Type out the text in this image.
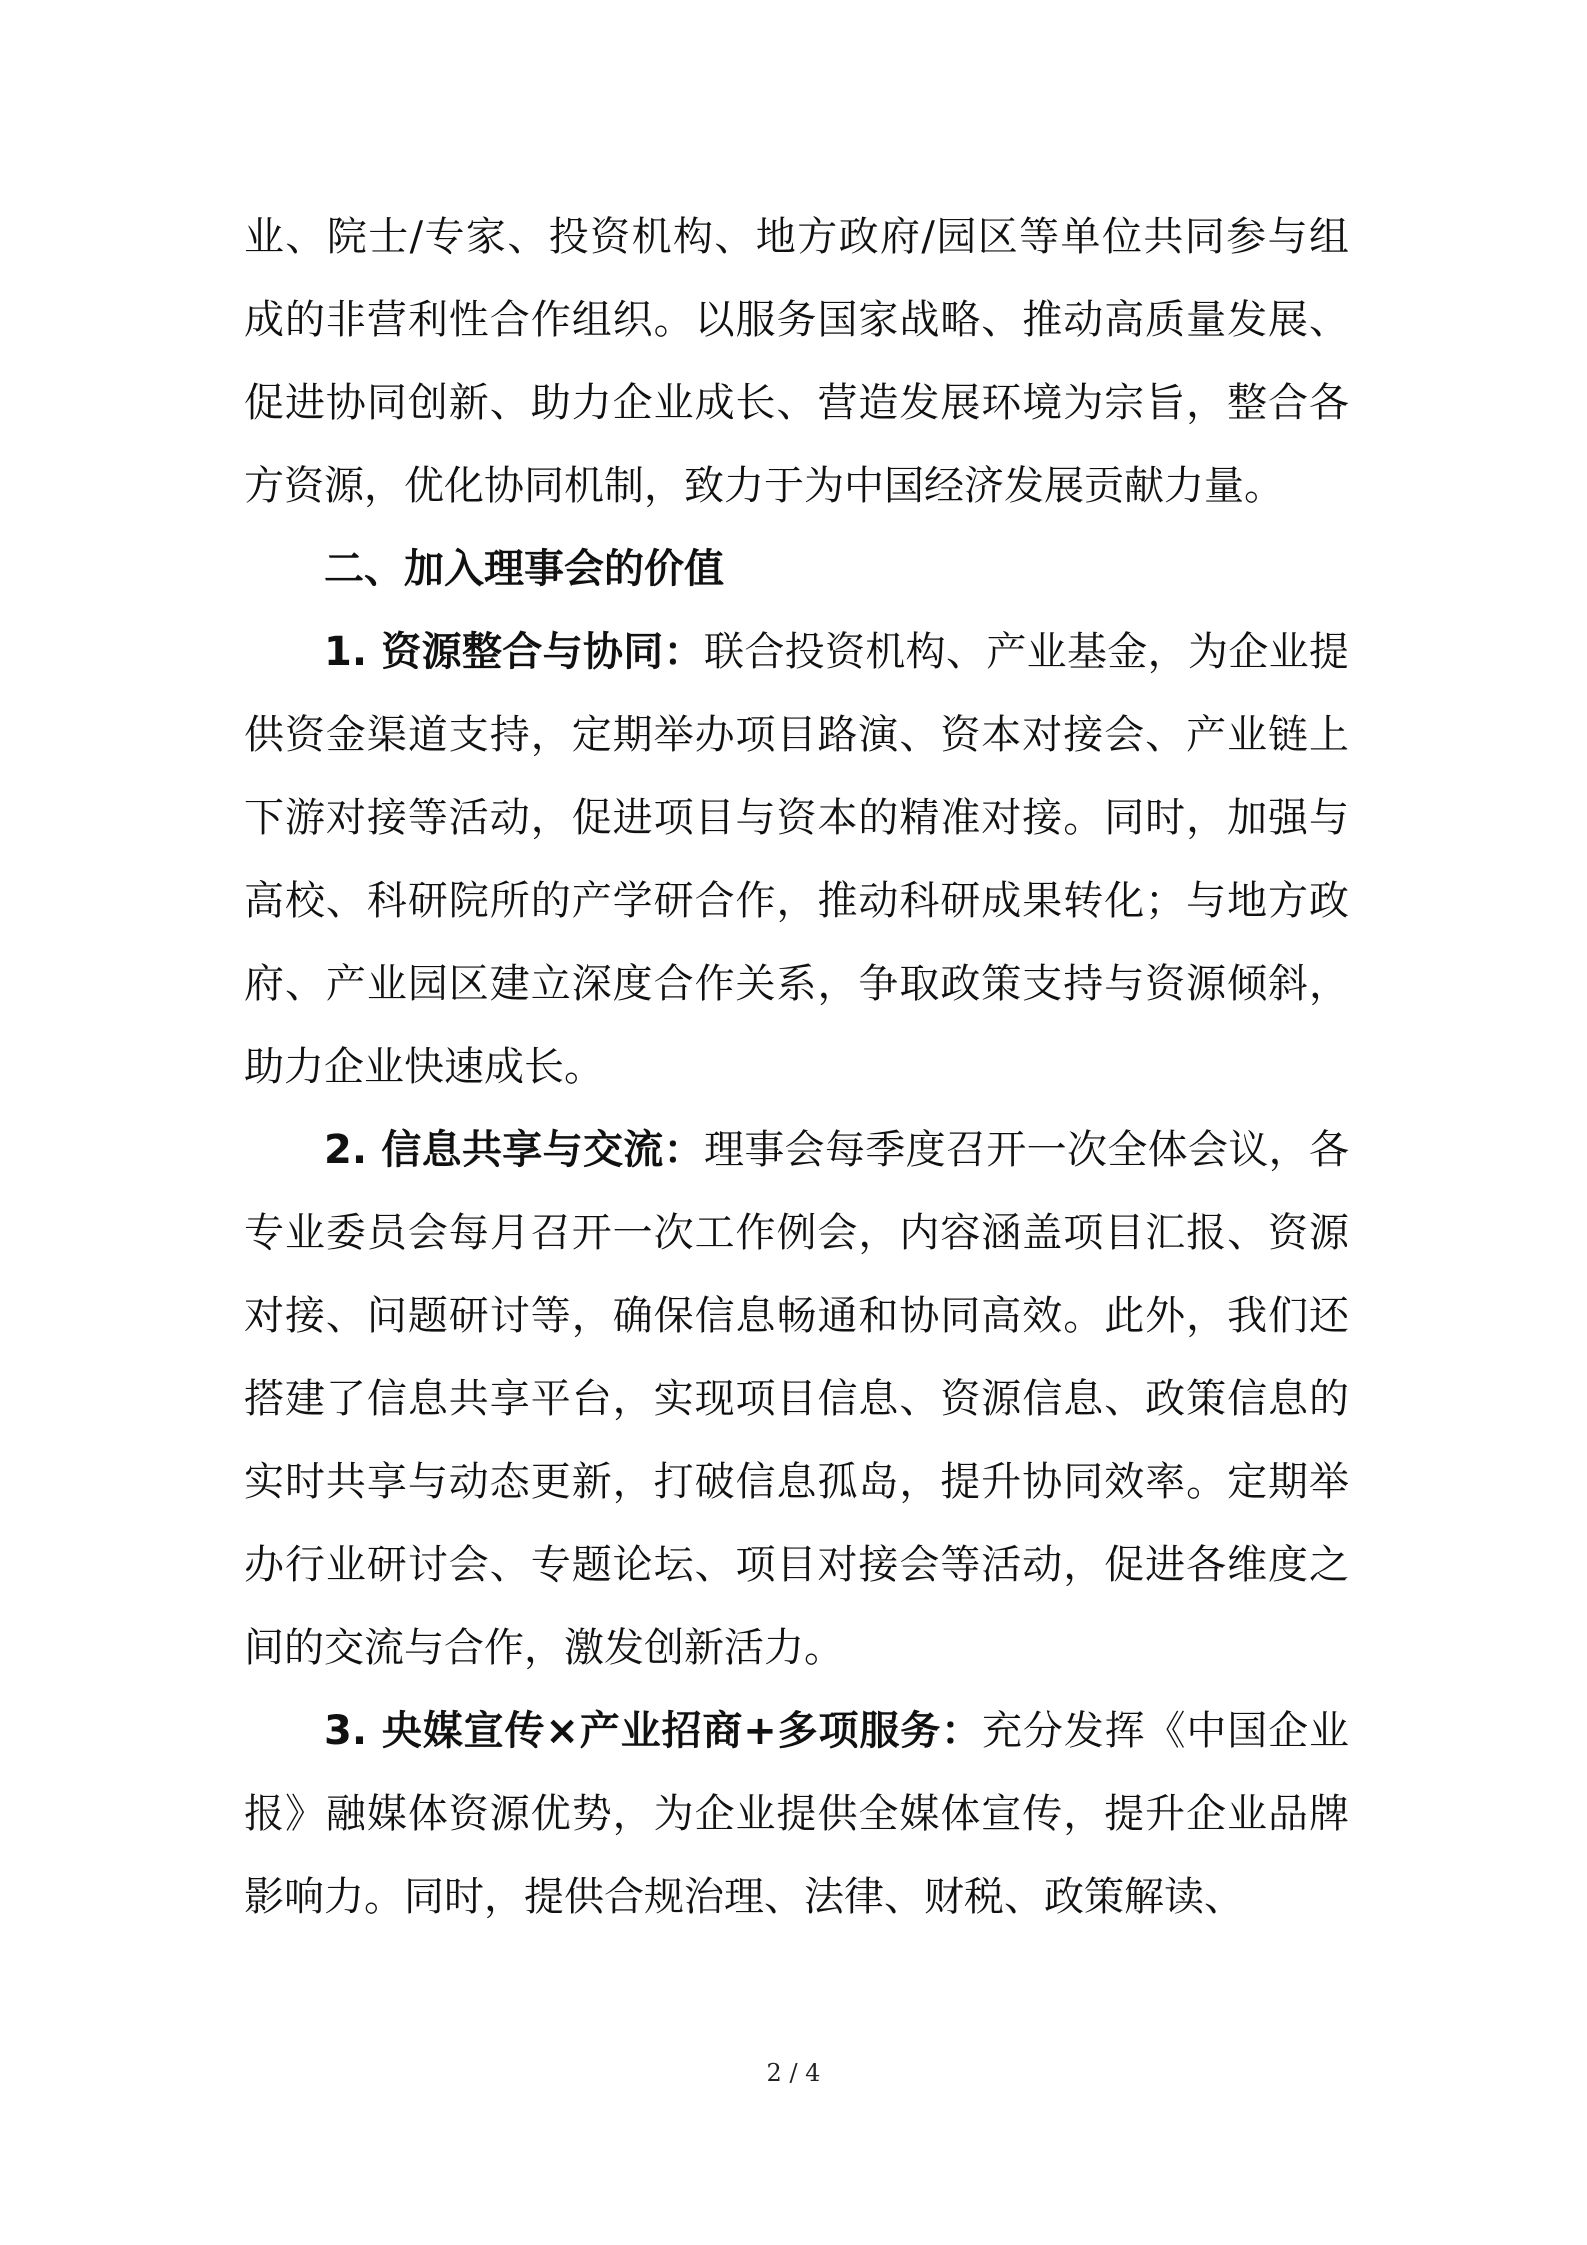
业、院士/专家、投资机构、地方政府/园区等单位共同参与组成的非营利性合作组织。以服务国家战略、推动高质量发展、促进协同创新、助力企业成长、营造发展环境为宗旨，整合各方资源，优化协同机制，致力于为中国经济发展贡献力量。

二、加入理事会的价值

1. 资源整合与协同：联合投资机构、产业基金，为企业提供资金渠道支持，定期举办项目路演、资本对接会、产业链上下游对接等活动，促进项目与资本的精准对接。同时，加强与高校、科研院所的产学研合作，推动科研成果转化；与地方政府、产业园区建立深度合作关系，争取政策支持与资源倾斜，助力企业快速成长。

2. 信息共享与交流：理事会每季度召开一次全体会议，各专业委员会每月召开一次工作例会，内容涵盖项目汇报、资源对接、问题研讨等，确保信息畅通和协同高效。此外，我们还搭建了信息共享平台，实现项目信息、资源信息、政策信息的实时共享与动态更新，打破信息孤岛，提升协同效率。定期举办行业研讨会、专题论坛、项目对接会等活动，促进各维度之间的交流与合作，激发创新活力。

3. 央媒宣传×产业招商+多项服务：充分发挥《中国企业报》融媒体资源优势，为企业提供全媒体宣传，提升企业品牌影响力。同时，提供合规治理、法律、财税、政策解读、

2 / 4
